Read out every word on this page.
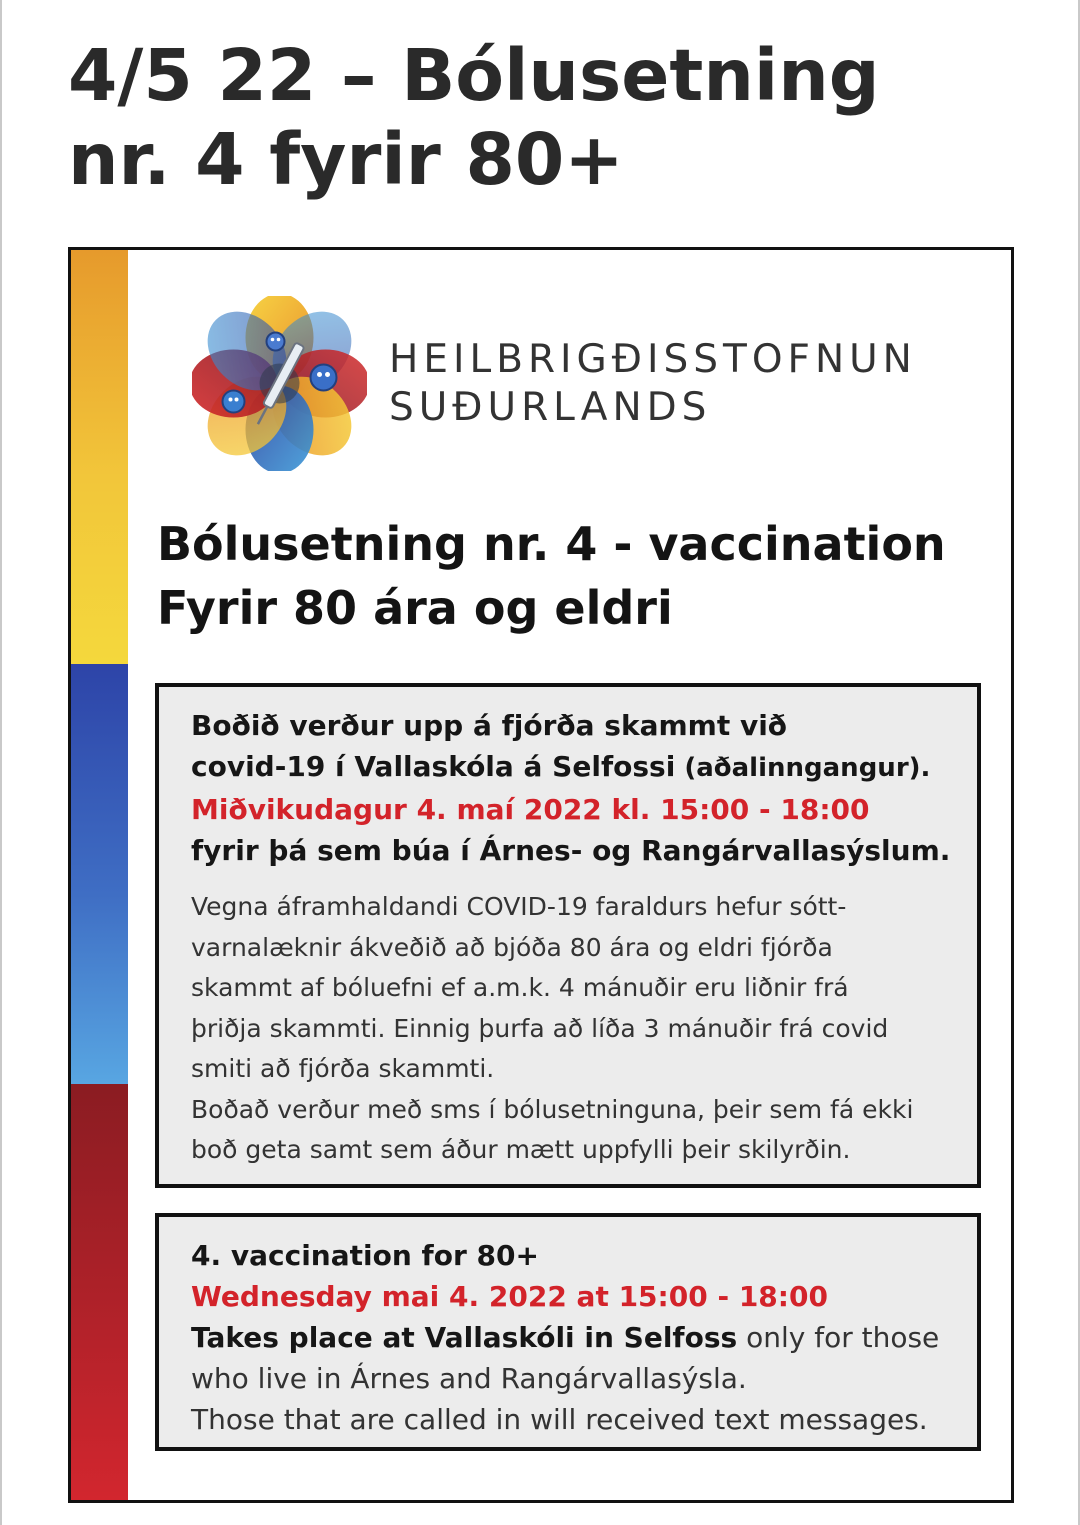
4/5 22 – Bólusetning
nr. 4 fyrir 80+

HEILBRIGÐISSTOFNUN
SUÐURLANDS

Bólusetning nr. 4 - vaccination
Fyrir 80 ára og eldri

Boðið verður upp á fjórða skammt við

covid-19 í Vallaskóla á Selfossi (aðalinngangur).

Miðvikudagur 4. maí 2022 kl. 15:00 - 18:00

fyrir þá sem búa í Árnes- og Rangárvallasýslum.

Vegna áframhaldandi COVID-19 faraldurs hefur sótt-

varnalæknir ákveðið að bjóða 80 ára og eldri fjórða

skammt af bóluefni ef a.m.k. 4 mánuðir eru liðnir frá

þriðja skammti. Einnig þurfa að líða 3 mánuðir frá covid

smiti að fjórða skammti.

Boðað verður með sms í bólusetninguna, þeir sem fá ekki

boð geta samt sem áður mætt uppfylli þeir skilyrðin.

4. vaccination for 80+

Wednesday mai 4. 2022 at 15:00 - 18:00

Takes place at Vallaskóli in Selfoss only for those

who live in Árnes and Rangárvallasýsla.

Those that are called in will received text messages.
